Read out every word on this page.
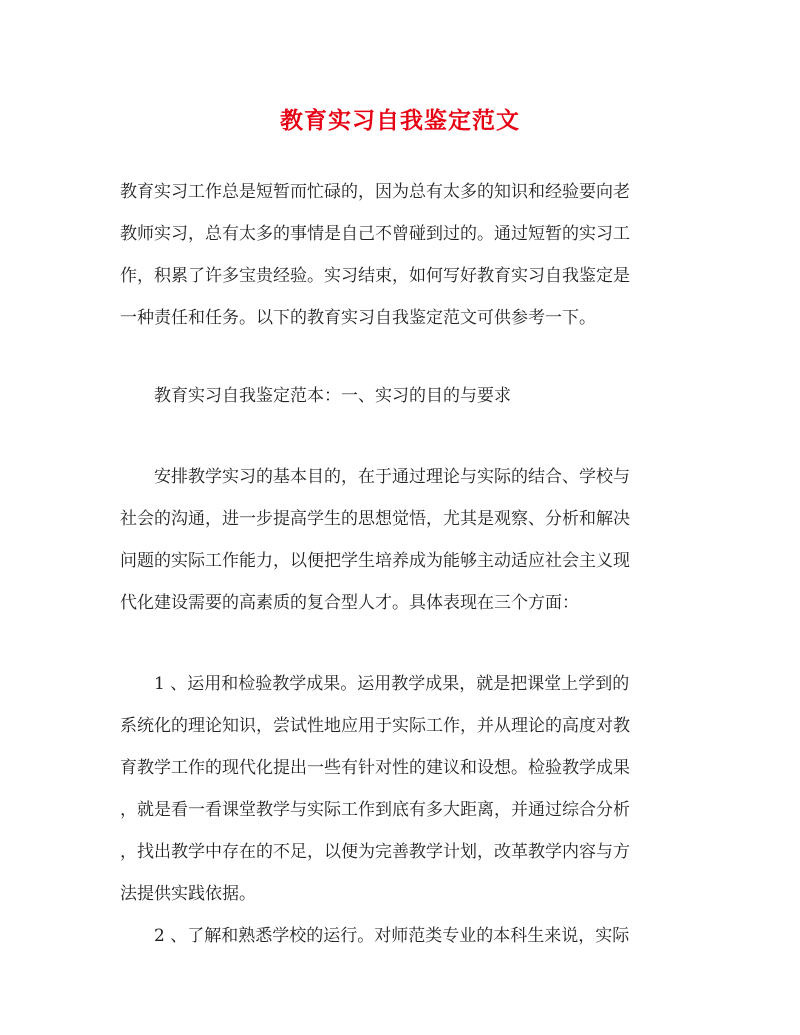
教育实习自我鉴定范文
教育实习工作总是短暂而忙碌的，因为总有太多的知识和经验要向老
教师实习，总有太多的事情是自己不曾碰到过的。通过短暂的实习工
作，积累了许多宝贵经验。实习结束，如何写好教育实习自我鉴定是
一种责任和任务。以下的教育实习自我鉴定范文可供参考一下。
　　教育实习自我鉴定范本：一、实习的目的与要求
　　安排教学实习的基本目的，在于通过理论与实际的结合、学校与
社会的沟通，进一步提高学生的思想觉悟，尤其是观察、分析和解决
问题的实际工作能力，以便把学生培养成为能够主动适应社会主义现
代化建设需要的高素质的复合型人才。具体表现在三个方面：
　　1 、运用和检验教学成果。运用教学成果，就是把课堂上学到的
系统化的理论知识，尝试性地应用于实际工作，并从理论的高度对教
育教学工作的现代化提出一些有针对性的建议和设想。检验教学成果
，就是看一看课堂教学与实际工作到底有多大距离，并通过综合分析
，找出教学中存在的不足，以便为完善教学计划，改革教学内容与方
法提供实践依据。
　　2 、了解和熟悉学校的运行。对师范类专业的本科生来说，实际
